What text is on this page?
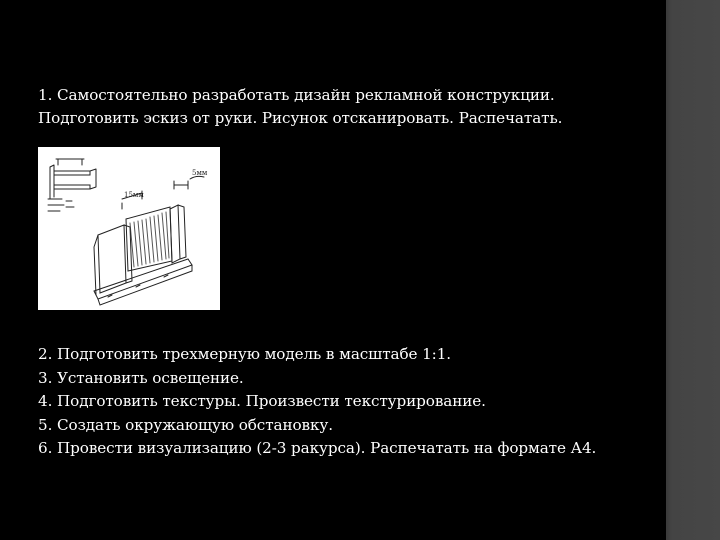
1. Самостоятельно разработать дизайн рекламной конструкции.
Подготовить эскиз от руки. Рисунок отсканировать. Распечатать.
15мм
5мм
2. Подготовить трехмерную модель в масштабе 1:1.
3. Установить освещение.
4. Подготовить текстуры. Произвести текстурирование.
5. Создать окружающую обстановку.
6. Провести визуализацию (2-3 ракурса). Распечатать на формате А4.
